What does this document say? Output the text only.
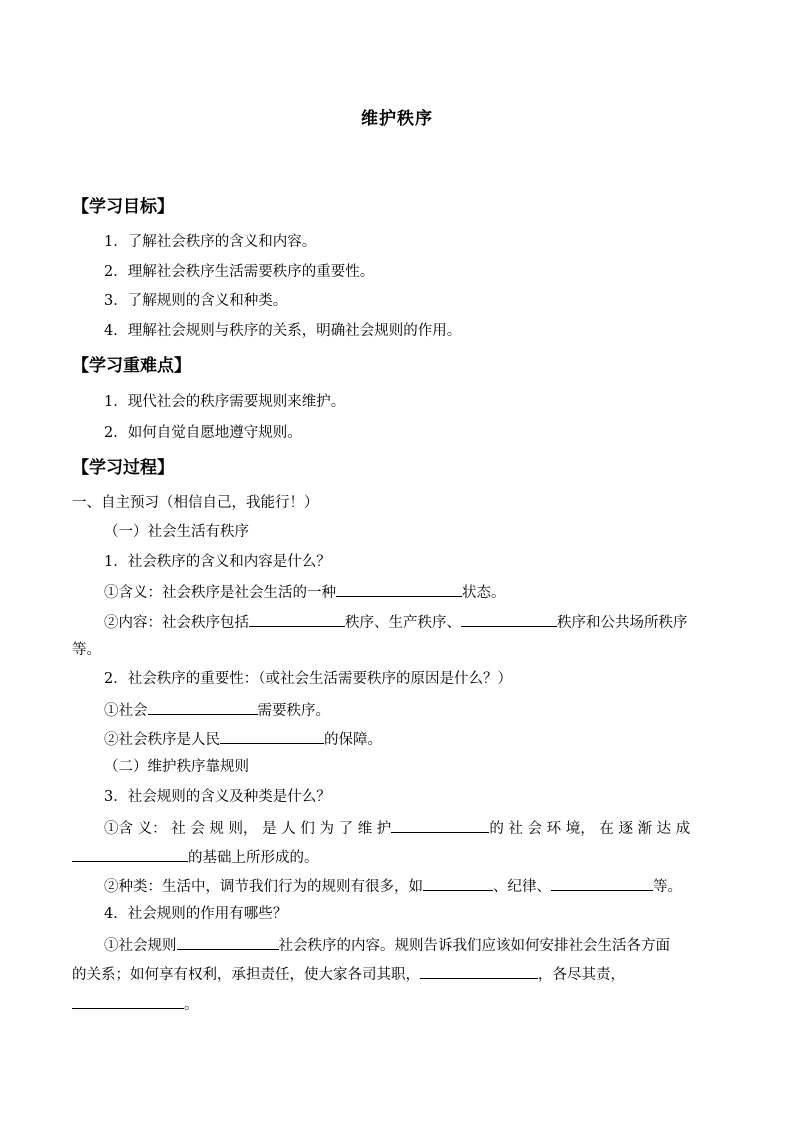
维护秩序
【学习目标】
1．了解社会秩序的含义和内容。
2．理解社会秩序生活需要秩序的重要性。
3．了解规则的含义和种类。
4．理解社会规则与秩序的关系，明确社会规则的作用。
【学习重难点】
1．现代社会的秩序需要规则来维护。
2．如何自觉自愿地遵守规则。
【学习过程】
一、自主预习（相信自己，我能行！）
（一）社会生活有秩序
1．社会秩序的含义和内容是什么？
①含义：社会秩序是社会生活的一种	状态。
②内容：社会秩序包括	秩序、生产秩序、	秩序和公共场所秩序
等。
2．社会秩序的重要性：（或社会生活需要秩序的原因是什么？）
①社会	需要秩序。
②社会秩序是人民	的保障。
（二）维护秩序靠规则
3．社会规则的含义及种类是什么？
①含 义： 社 会 规 则， 是 人 们 为 了 维 护	的 社 会 环 境， 在 逐 渐 达 成
的基础上所形成的。
②种类：生活中，调节我们行为的规则有很多，如	、纪律、	等。
4．社会规则的作用有哪些？
①社会规则	社会秩序的内容。规则告诉我们应该如何安排社会生活各方面
的关系；如何享有权利，承担责任，使大家各司其职，	，各尽其责，
。
